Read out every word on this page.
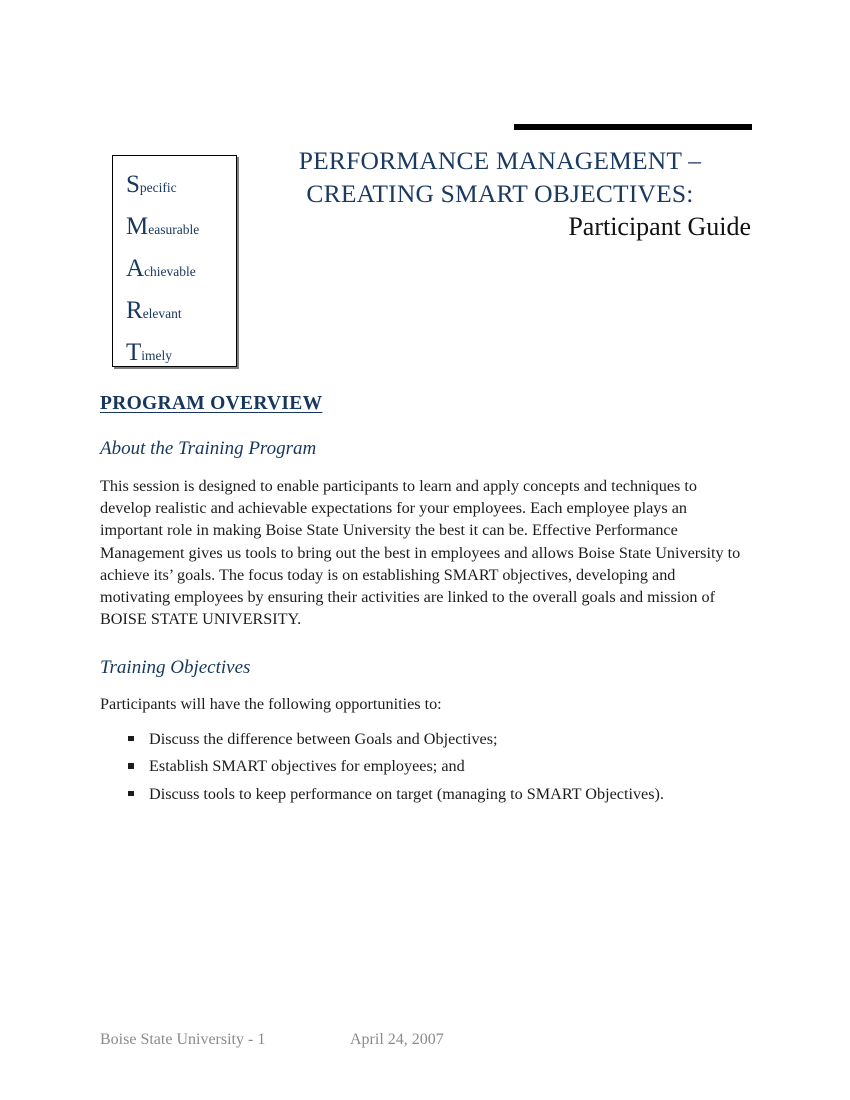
PERFORMANCE MANAGEMENT –
CREATING SMART OBJECTIVES:
Participant Guide
Specific
Measurable
Achievable
Relevant
Timely
PROGRAM OVERVIEW
About the Training Program

This session is designed to enable participants to learn and apply concepts and techniques to develop realistic and achievable expectations for your employees. Each employee plays an important role in making Boise State University the best it can be. Effective Performance Management gives us tools to bring out the best in employees and allows Boise State University to achieve its’ goals. The focus today is on establishing SMART objectives, developing and motivating employees by ensuring their activities are linked to the overall goals and mission of BOISE STATE UNIVERSITY.

Training Objectives

Participants will have the following opportunities to:

Discuss the difference between Goals and Objectives;
Establish SMART objectives for employees; and
Discuss tools to keep performance on target (managing to SMART Objectives).
Boise State University - 1	April 24, 2007
